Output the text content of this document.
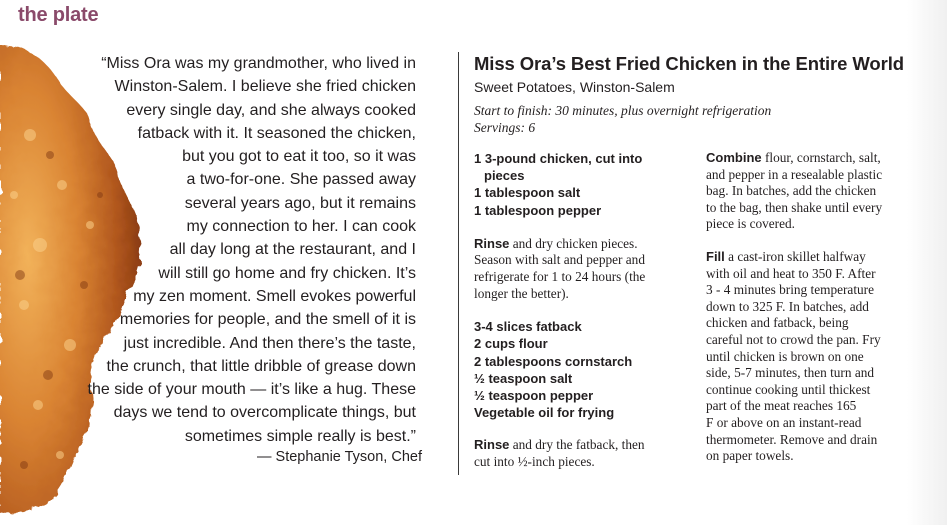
the plate
“Miss Ora was my grandmother, who lived in
Winston-Salem. I believe she fried chicken
every single day, and she always cooked
fatback with it. It seasoned the chicken,
but you got to eat it too, so it was
a two-for-one. She passed away
several years ago, but it remains
my connection to her. I can cook
all day long at the restaurant, and I
will still go home and fry chicken. It’s
my zen moment. Smell evokes powerful
memories for people, and the smell of it is
just incredible. And then there’s the taste,
the crunch, that little dribble of grease down
the side of your mouth — it’s like a hug. These
days we tend to overcomplicate things, but
sometimes simple really is best.”
— Stephanie Tyson, Chef
Miss Ora’s Best Fried Chicken in the Entire World
Sweet Potatoes, Winston-Salem
Start to finish: 30 minutes, plus overnight refrigeration
Servings: 6
1 3-pound chicken, cut into
pieces
1 tablespoon salt
1 tablespoon pepper

Rinse and dry chicken pieces.
Season with salt and pepper and
refrigerate for 1 to 24 hours (the
longer the better).

3-4 slices fatback
2 cups flour
2 tablespoons cornstarch
½ teaspoon salt
½ teaspoon pepper
Vegetable oil for frying

Rinse and dry the fatback, then
cut into ½-inch pieces.

Combine flour, cornstarch, salt,
and pepper in a resealable plastic
bag. In batches, add the chicken
to the bag, then shake until every
piece is covered.

Fill a cast-iron skillet halfway
with oil and heat to 350 F. After
3 - 4 minutes bring temperature
down to 325 F. In batches, add
chicken and fatback, being
careful not to crowd the pan. Fry
until chicken is brown on one
side, 5-7 minutes, then turn and
continue cooking until thickest
part of the meat reaches 165
F or above on an instant-read
thermometer. Remove and drain
on paper towels.
